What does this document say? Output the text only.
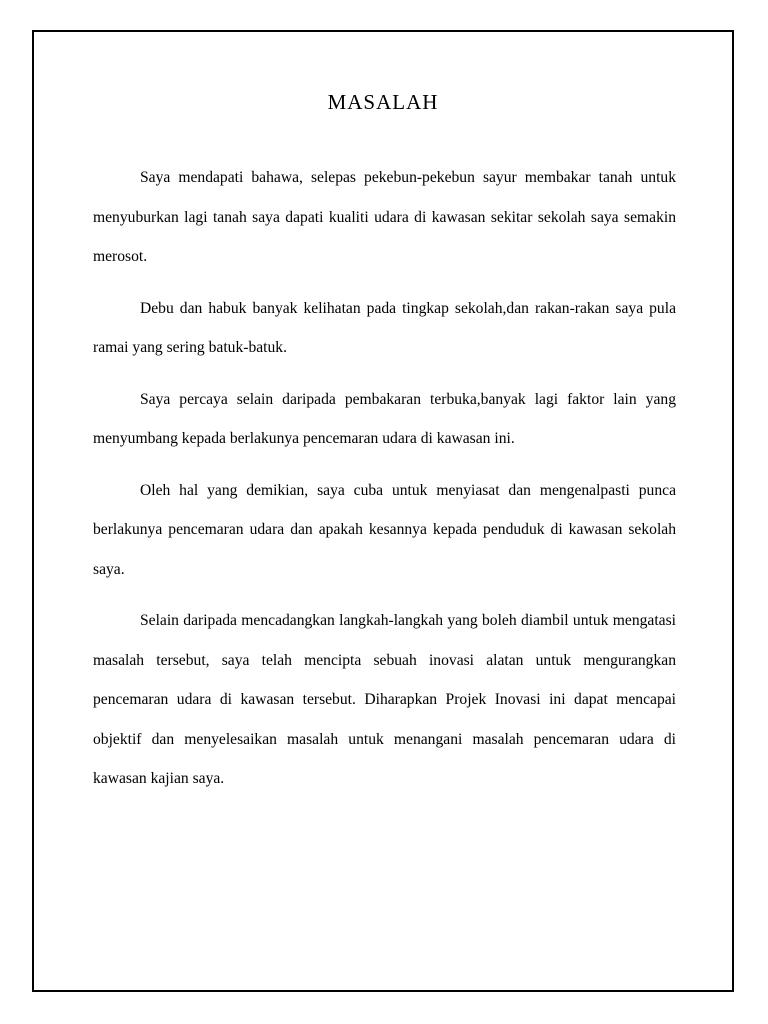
MASALAH

Saya mendapati bahawa, selepas pekebun-pekebun sayur membakar tanah untuk menyuburkan lagi tanah saya dapati kualiti udara di kawasan sekitar sekolah saya semakin merosot.

Debu dan habuk banyak kelihatan pada tingkap sekolah,dan rakan-rakan saya pula ramai yang sering batuk-batuk.

Saya percaya selain daripada pembakaran terbuka,banyak lagi faktor lain yang menyumbang kepada berlakunya pencemaran udara di kawasan ini.

Oleh hal yang demikian, saya cuba untuk menyiasat dan mengenalpasti punca berlakunya pencemaran udara dan apakah kesannya kepada penduduk di kawasan sekolah saya.

Selain daripada mencadangkan langkah-langkah yang boleh diambil untuk mengatasi masalah tersebut, saya telah mencipta sebuah inovasi alatan untuk mengurangkan pencemaran udara di kawasan tersebut. Diharapkan Projek Inovasi ini dapat mencapai objektif dan menyelesaikan masalah untuk menangani masalah pencemaran udara di kawasan kajian saya.
